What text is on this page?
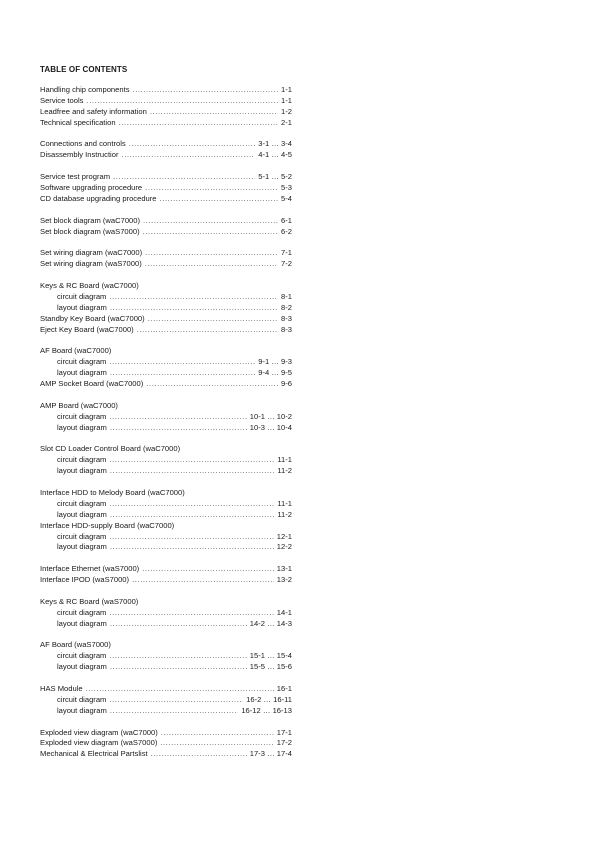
TABLE OF CONTENTS
Handling chip components .....	1-1
Service tools .....	1-1
Leadfree and safety information .....	1-2
Technical specification .....	2-1
Connections and controls .....	3-1 … 3-4
Disassembly Instructior .....	4-1 … 4-5
Service test program .....	5-1 … 5-2
Software upgrading procedure .....	5-3
CD database upgrading procedure .....	5-4
Set block diagram (waC7000) .....	6-1
Set block diagram (waS7000) .....	6-2
Set wiring diagram (waC7000) .....	7-1
Set wiring diagram (waS7000) .....	7-2
Keys & RC Board (waC7000)
circuit diagram .....	8-1
layout diagram .....	8-2
Standby Key Board (waC7000) .....	8-3
Eject Key Board (waC7000) .....	8-3
AF Board (waC7000)
circuit diagram .....	9-1 … 9-3
layout diagram .....	9-4 … 9-5
AMP Socket Board (waC7000) .....	9-6
AMP Board (waC7000)
circuit diagram .....	10-1 … 10-2
layout diagram .....	10-3 … 10-4
Slot CD Loader Control Board (waC7000)
circuit diagram .....	11-1
layout diagram .....	11-2
Interface HDD to Melody Board (waC7000)
circuit diagram .....	11-1
layout diagram .....	11-2
Interface HDD-supply Board (waC7000)
circuit diagram .....	12-1
layout diagram .....	12-2
Interface Ethernet (waS7000) .....	13-1
Interface IPOD (waS7000) .....	13-2
Keys & RC Board (waS7000)
circuit diagram .....	14-1
layout diagram .....	14-2 … 14-3
AF Board (waS7000)
circuit diagram .....	15-1 … 15-4
layout diagram .....	15-5 … 15-6
HAS Module .....	16-1
circuit diagram .....	16-2 … 16-11
layout diagram .....	16-12 … 16-13
Exploded view diagram (waC7000) .....	17-1
Exploded view diagram (waS7000) .....	17-2
Mechanical & Electrical Partslist .....	17-3 … 17-4
